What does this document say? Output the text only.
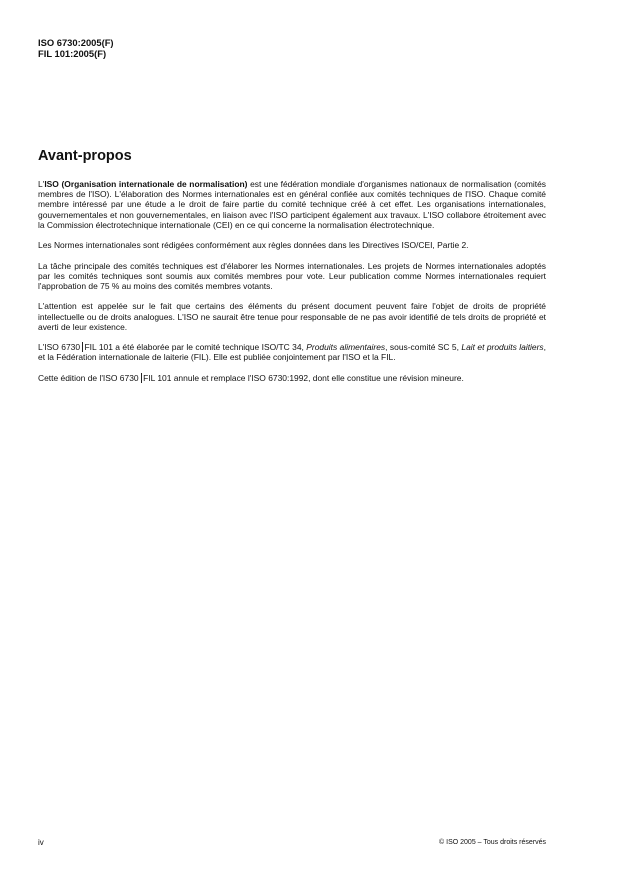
ISO 6730:2005(F)
FIL 101:2005(F)
Avant-propos

L'ISO (Organisation internationale de normalisation) est une fédération mondiale d'organismes nationaux de normalisation (comités membres de l'ISO). L'élaboration des Normes internationales est en général confiée aux comités techniques de l'ISO. Chaque comité membre intéressé par une étude a le droit de faire partie du comité technique créé à cet effet. Les organisations internationales, gouvernementales et non gouvernementales, en liaison avec l'ISO participent également aux travaux. L'ISO collabore étroitement avec la Commission électrotechnique internationale (CEI) en ce qui concerne la normalisation électrotechnique.

Les Normes internationales sont rédigées conformément aux règles données dans les Directives ISO/CEI, Partie 2.

La tâche principale des comités techniques est d'élaborer les Normes internationales. Les projets de Normes internationales adoptés par les comités techniques sont soumis aux comités membres pour vote. Leur publication comme Normes internationales requiert l'approbation de 75 % au moins des comités membres votants.

L'attention est appelée sur le fait que certains des éléments du présent document peuvent faire l'objet de droits de propriété intellectuelle ou de droits analogues. L'ISO ne saurait être tenue pour responsable de ne pas avoir identifié de tels droits de propriété et averti de leur existence.

L'ISO 6730 FIL 101 a été élaborée par le comité technique ISO/TC 34, Produits alimentaires, sous-comité SC 5, Lait et produits laitiers, et la Fédération internationale de laiterie (FIL). Elle est publiée conjointement par l'ISO et la FIL.

Cette édition de l'ISO 6730 FIL 101 annule et remplace l'ISO 6730:1992, dont elle constitue une révision mineure.

iv	© ISO 2005 – Tous droits réservés
